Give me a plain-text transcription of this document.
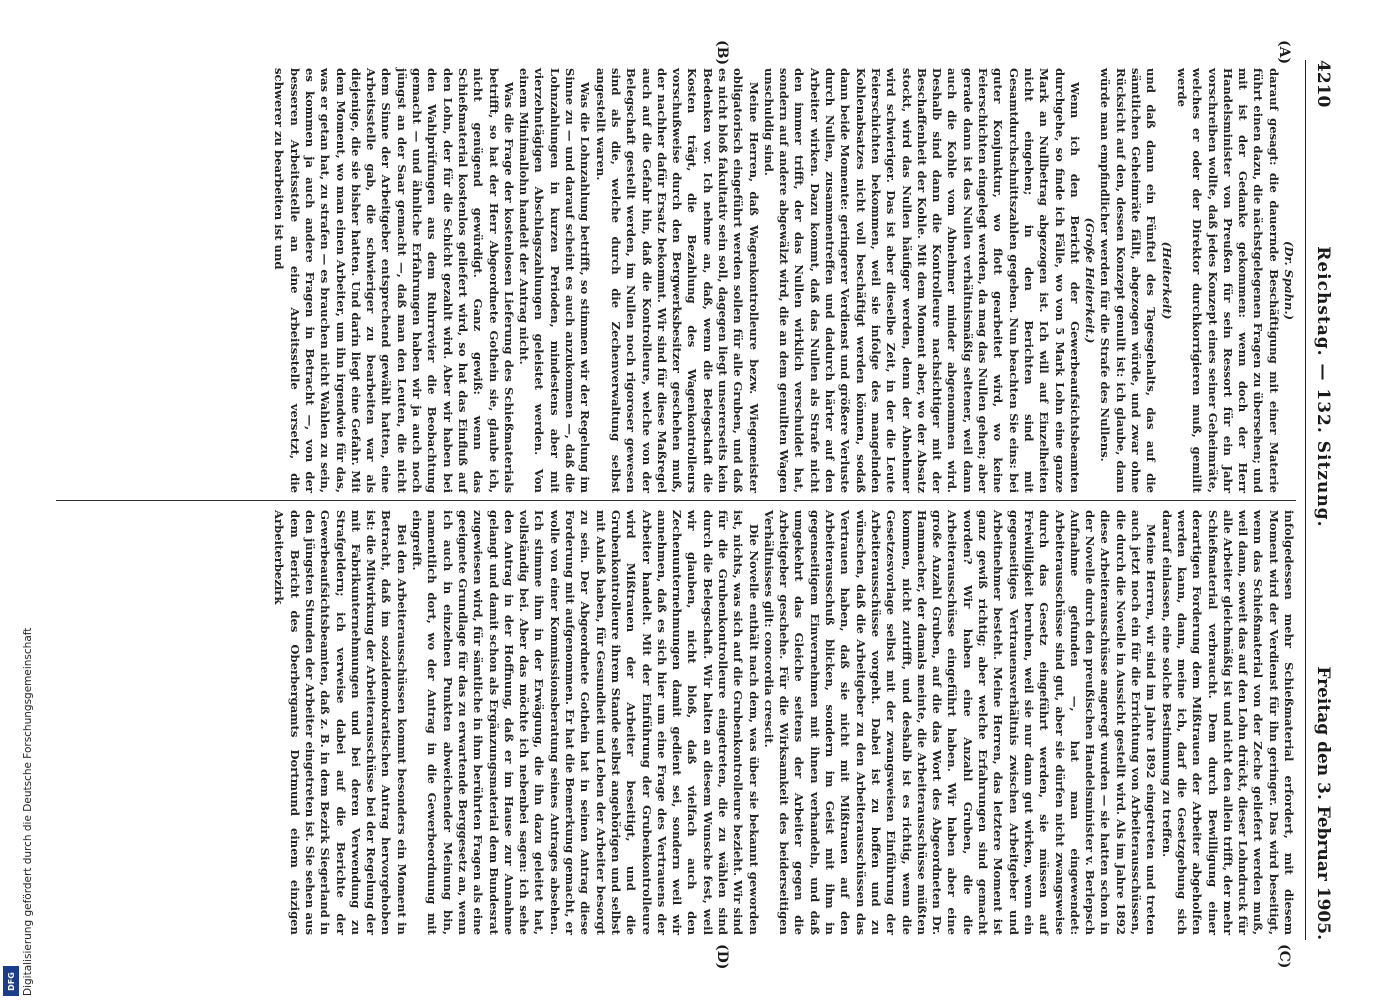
4210
Reichstag. — 132. Sitzung.
Freitag den 3. Februar 1905.
(A)
(B)
(C)
(D)

(Dr. Spahn.)

darauf gesagt: die dauernde Beschäftigung mit einer Materie führt einen dazu, die nächstgelegenen Fragen zu übersehen; und mit ist der Gedanke gekommen: wenn doch der Herr Handelsminister von Preußen für sein Ressort für ein Jahr vorschreiben wollte, daß jedes Konzept eines seiner Geheimräte, welches er oder der Direktor durchkorrigieren muß, gemillt werde

(Heiterkeit)

und daß dann ein Fünftel des Tagesgehalts, das auf die sämtlichen Geheimräte fällt, abgezogen würde, und zwar ohne Rücksicht auf den, dessen Konzept genullt ist: ich glaube, dann würde man empfindlicher werden für die Strafe des Nullens.

(Große Heiterkeit.)

Wenn ich den Bericht der Gewerbeaufsichtsbeamten durchgehe, so finde ich Fälle, wo von 5 Mark Lohn eine ganze Mark an Nullbetrag abgezogen ist. Ich will auf Einzelheiten nicht eingehen; in den Berichten sind mit Gesamtdurchschnittszahlen gegeben. Nun beachten Sie eins: bei guter Konjunktur, wo flott gearbeitet wird, wo keine Feierschichten eingelegt werden, da mag das Nullen gehen; aber gerade dann ist das Nullen verhältnismäßig seltener, weil dann auch die Kohle vom Abnehmer minder abgenommen wird. Deshalb sind dann die Kontrolleure nachsichtiger mit der Beschaffenheit der Kohle. Mit dem Moment aber, wo der Absatz stockt, wird das Nullen häufiger werden, denn der Abnehmer wird schwieriger. Das ist aber dieselbe Zeit, in der die Leute Feierschichten bekommen, weil sie infolge des mangelnden Kohlenabsatzes nicht voll beschäftigt werden können, sodaß dann beide Momente: geringerer Verdienst und größere Verluste durch Nullen, zusammentreffen und dadurch härter auf den Arbeiter wirken. Dazu kommt, daß das Nullen als Strafe nicht den immer trifft, der das Nullen wirklich verschuldet hat, sondern auf andere abgewälzt wird, die an dem genullten Wagen unschuldig sind.

Meine Herren, daß Wagenkontrolleure bezw. Wiegemeister obligatorisch eingeführt werden sollen für alle Gruben, und daß es nicht bloß fakultativ sein soll, dagegen liegt unsererseits kein Bedenken vor. Ich nehme an, daß, wenn die Belegschaft die Kosten trägt, die Bezahlung des Wagenkontrolleurs vorschußweise durch den Bergwerksbesitzer geschehen muß, der nachher dafür Ersatz bekommt. Wir sind für diese Maßregel auch auf die Gefahr hin, daß die Kontrolleure, welche von der Belegschaft gestellt werden, im Nullen noch rigoroser gewesen sind als die, welche durch die Zechenverwaltung selbst angestellt waren.

Was die Lohnzahlung betrifft, so stimmen wir der Regelung im Sinne zu — und darauf scheint es auch anzukommen —, daß die Lohnzahlungen in kurzen Perioden, mindestens aber mit vierzehntägigen Abschlagszahlungen geleistet werden. Von einem Minimallohn handelt der Antrag nicht.

Was die Frage der kostenlosen Lieferung des Schießmaterials betrifft, so hat der Herr Abgeordnete Gothein sie, glaube ich, nicht genügend gewürdigt. Ganz gewiß: wenn das Schießmaterial kostenlos geliefert wird, so hat das Einfluß auf den Lohn, der für die Schicht gezahlt wird. Aber wir haben bei den Wahlprüfungen aus dem Ruhrrevier die Beobachtung gemacht — und ähnliche Erfahrungen haben wir ja auch noch jüngst an der Saar gemacht —, daß man den Leuten, die nicht dem Sinne der Arbeitgeber entsprechend gewählt hatten, eine Arbeitsstelle gab, die schwieriger zu bearbeiten war als diejenige, die sie bisher hatten. Und darin liegt eine Gefahr. Mit dem Moment, wo man einen Arbeiter, um ihn irgendwie für das, was er getan hat, zu strafen — es brauchen nicht Wahlen zu sein, es kommen ja auch andere Fragen in Betracht —, von der besseren Arbeitsstelle an eine Arbeitsstelle versetzt, die schwerer zu bearbeiten ist und

infolgedessen mehr Schießmaterial erfordert, mit diesem Moment wird der Verdienst für ihn geringer. Das wird beseitigt, wenn das Schießmaterial von der Zeche geliefert werden muß, weil dann, soweit das auf den Lohn drückt, dieser Lohndruck für alle Arbeiter gleichmäßig ist und nicht den allein trifft, der mehr Schießmaterial verbraucht. Dem durch Bewilligung einer derartigen Forderung dem Mißtrauen der Arbeiter abgeholfen werden kann, dann, meine ich, darf die Gesetzgebung sich darauf einlassen, eine solche Bestimmung zu treffen.

Meine Herren, wir sind im Jahre 1892 eingetreten und treten auch jetzt noch ein für die Errichtung von Arbeiterausschüssen, die durch die Novelle in Aussicht gestellt wird. Als im Jahre 1892 diese Arbeiterausschüsse angeregt wurden — sie hatten schon in der Novelle durch den preußischen Handelsminister v. Berlepsch Aufnahme gefunden —, hat man eingewendet: Arbeiterausschüsse sind gut, aber sie dürfen nicht zwangsweise durch das Gesetz eingeführt werden, sie müssen auf Freiwilligkeit beruhen, weil sie nur dann gut wirken, wenn ein gegenseitiges Vertrauensverhältnis zwischen Arbeitgeber und Arbeitnehmer besteht. Meine Herren, das letztere Moment ist ganz gewiß richtig; aber welche Erfahrungen sind gemacht worden? Wir haben eine Anzahl Gruben, die die Arbeiterausschüsse eingeführt haben. Wir haben aber eine große Anzahl Gruben, auf die das Wort des Abgeordneten Dr. Hammacher, der damals meinte, die Arbeiterausschüsse müßten kommen, nicht zutrifft, und deshalb ist es richtig, wenn die Gesetzesvorlage selbst mit der zwangsweisen Einführung der Arbeiterausschüsse vorgeht. Dabei ist zu hoffen und zu wünschen, daß die Arbeitgeber zu den Arbeiterausschüssen das Vertrauen haben, daß sie nicht mit Mißtrauen auf den Arbeiterausschuß blicken, sondern im Geist mit ihm in gegenseitigem Einvernehmen mit ihnen verhandeln, und daß umgekehrt das Gleiche seitens der Arbeiter gegen die Arbeitgeber geschehe. Für die Wirksamkeit des beiderseitigen Verhältnisses gilt: concordia crescit.

Die Novelle enthält nach dem, was über sie bekannt geworden ist, nichts, was sich auf die Grubenkontrolleure bezieht. Wir sind für die Grubenkontrolleure eingetreten, die zu wählen sind durch die Belegschaft. Wir halten an diesem Wunsche fest, weil wir glauben, nicht bloß, daß vielfach auch den Zechenunternehmungen damit gedient sei, sondern weil wir annehmen, daß es sich hier um eine Frage des Vertrauens der Arbeiter handelt. Mit der Einführung der Grubenkontrolleure wird Mißtrauen der Arbeiter beseitigt, und die Grubenkontrolleure ihrem Stande selbst angehörigen und selbst mit Anlaß haben, für Gesundheit und Leben der Arbeiter besorgt zu sein. Der Abgeordnete Gothein hat in seinen Antrag diese Forderung mit aufgenommen. Er hat die Bemerkung gemacht, er wolle von einer Kommissionsberatung seines Antrages absehen. Ich stimme ihm in der Erwägung, die ihn dazu geleitet hat, vollständig bei. Aber das möchte ich nebenbei sagen: ich sehe den Antrag in der Hoffnung, daß er im Hause zur Annahme gelangt und damit schon als Ergänzungsmaterial dem Bundesrat zugewiesen wird, für sämtliche in ihm berührten Fragen als eine geeignete Grundlage für das zu erwartende Berggesetz an, wenn ich auch in einzelnen Punkten abweichender Meinung bin, namentlich dort, wo der Antrag in die Gewerbeordnung mit eingreift.

Bei den Arbeiterausschüssen kommt besonders ein Moment in Betracht, daß im sozialdemokratischen Antrag hervorgehoben ist: die Mitwirkung der Arbeiterausschüsse bei der Regelung der mit Fabrikunternehmungen und bei deren Verwendung zu Strafgeldern; ich verweise dabei auf die Berichte der Gewerbeaufsichtsbeamten, daß z. B. in dem Bezirk Siegerland in den jüngsten Stunden der Arbeiter eingetreten ist. Sie sehen aus dem Bericht des Oberbergamts Dortmund einem einzigen Arbeiterbezirk

Digitalisierung gefördert durch die Deutsche Forschungsgemeinschaft
DFG
